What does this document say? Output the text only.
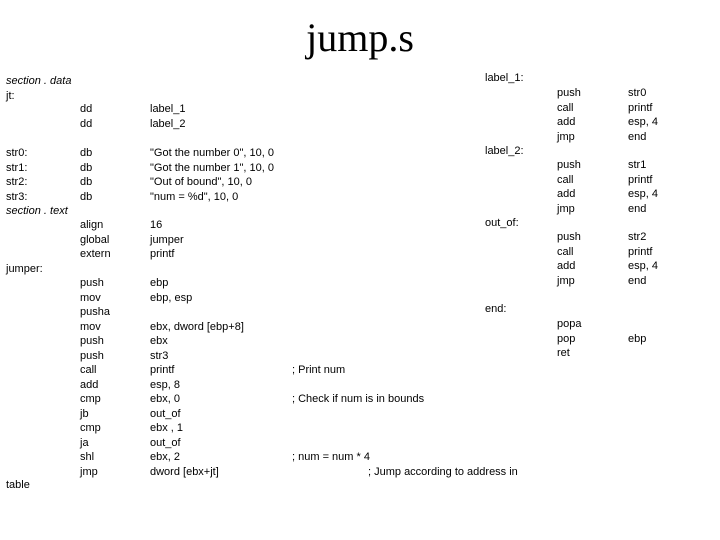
jump.s
section . data
jt:
dd
dd
label_1
label_2
str0:
str1:
str2:
str3:
section . text
db
db
db
db
"Got the number 0", 10, 0
"Got the number 1", 10, 0
"Out of bound", 10, 0
"num = %d", 10, 0
align
global
extern
16
jumper
printf
jumper:
push
mov
pusha
mov
push
push
call
add
cmp
jb
cmp
ja
shl
jmp
ebp
ebp, esp
ebx, dword [ebp+8]
ebx
str3
printf
esp, 8
ebx, 0
out_of
ebx , 1
out_of
ebx, 2
dword [ebx+jt]
; Print num
; Check if num is in bounds
; num = num * 4
; Jump according to address in
table
label_1:
push
call
add
jmp
str0
printf
esp, 4
end
label_2:
push
call
add
jmp
str1
printf
esp, 4
end
out_of:
push
call
add
jmp
str2
printf
esp, 4
end
end:
popa
pop
ret
ebp
